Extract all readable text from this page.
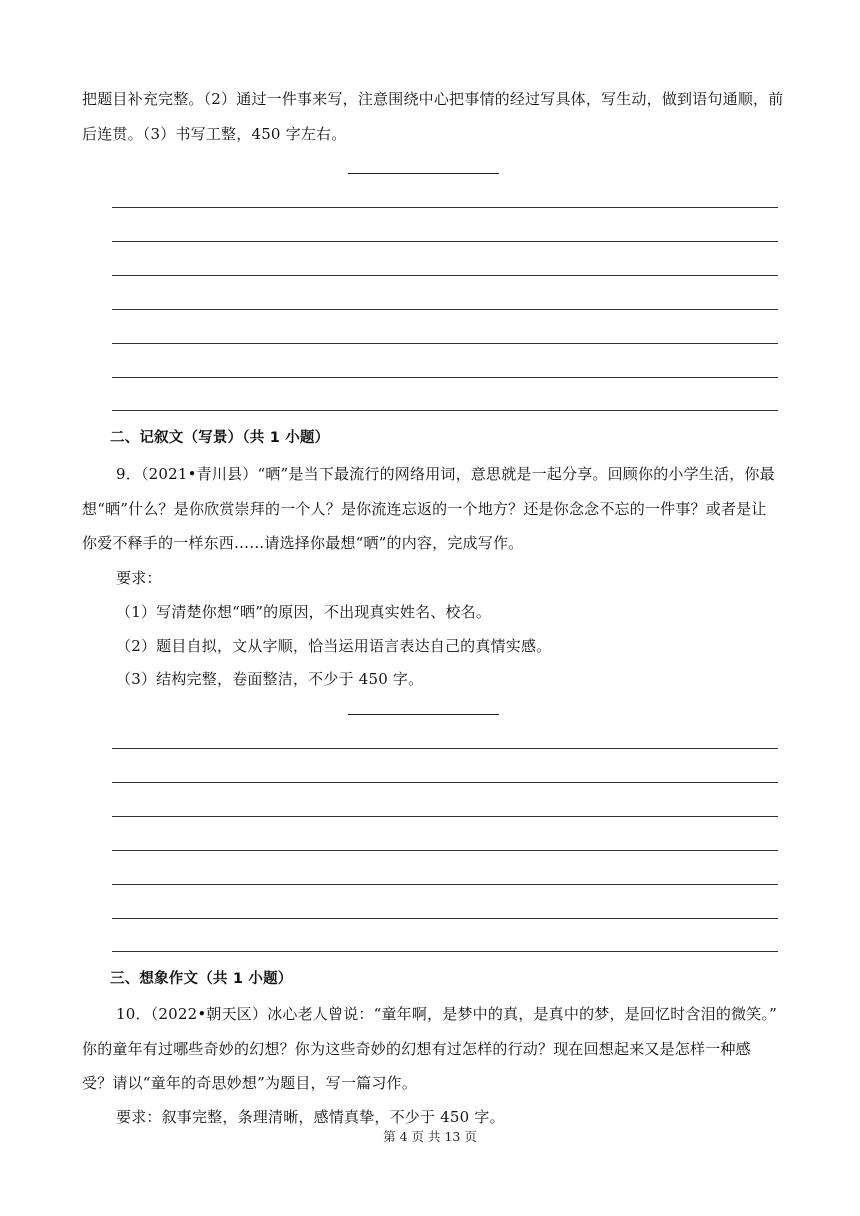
把题目补充完整。（2）通过一件事来写，注意围绕中心把事情的经过写具体，写生动，做到语句通顺，前
后连贯。（3）书写工整，450 字左右。
二、记叙文（写景）（共 1 小题）
9．（2021•青川县）“晒”是当下最流行的网络用词，意思就是一起分享。回顾你的小学生活，你最
想“晒”什么？是你欣赏崇拜的一个人？是你流连忘返的一个地方？还是你念念不忘的一件事？或者是让
你爱不释手的一样东西……请选择你最想“晒”的内容，完成写作。
要求：
（1）写清楚你想“晒”的原因，不出现真实姓名、校名。
（2）题目自拟，文从字顺，恰当运用语言表达自己的真情实感。
（3）结构完整，卷面整洁，不少于 450 字。
三、想象作文（共 1 小题）
10．（2022•朝天区）冰心老人曾说：“童年啊，是梦中的真，是真中的梦，是回忆时含泪的微笑。”
你的童年有过哪些奇妙的幻想？你为这些奇妙的幻想有过怎样的行动？现在回想起来又是怎样一种感
受？请以“童年的奇思妙想”为题目，写一篇习作。
要求：叙事完整，条理清晰，感情真挚，不少于 450 字。
第 4 页 共 13 页
